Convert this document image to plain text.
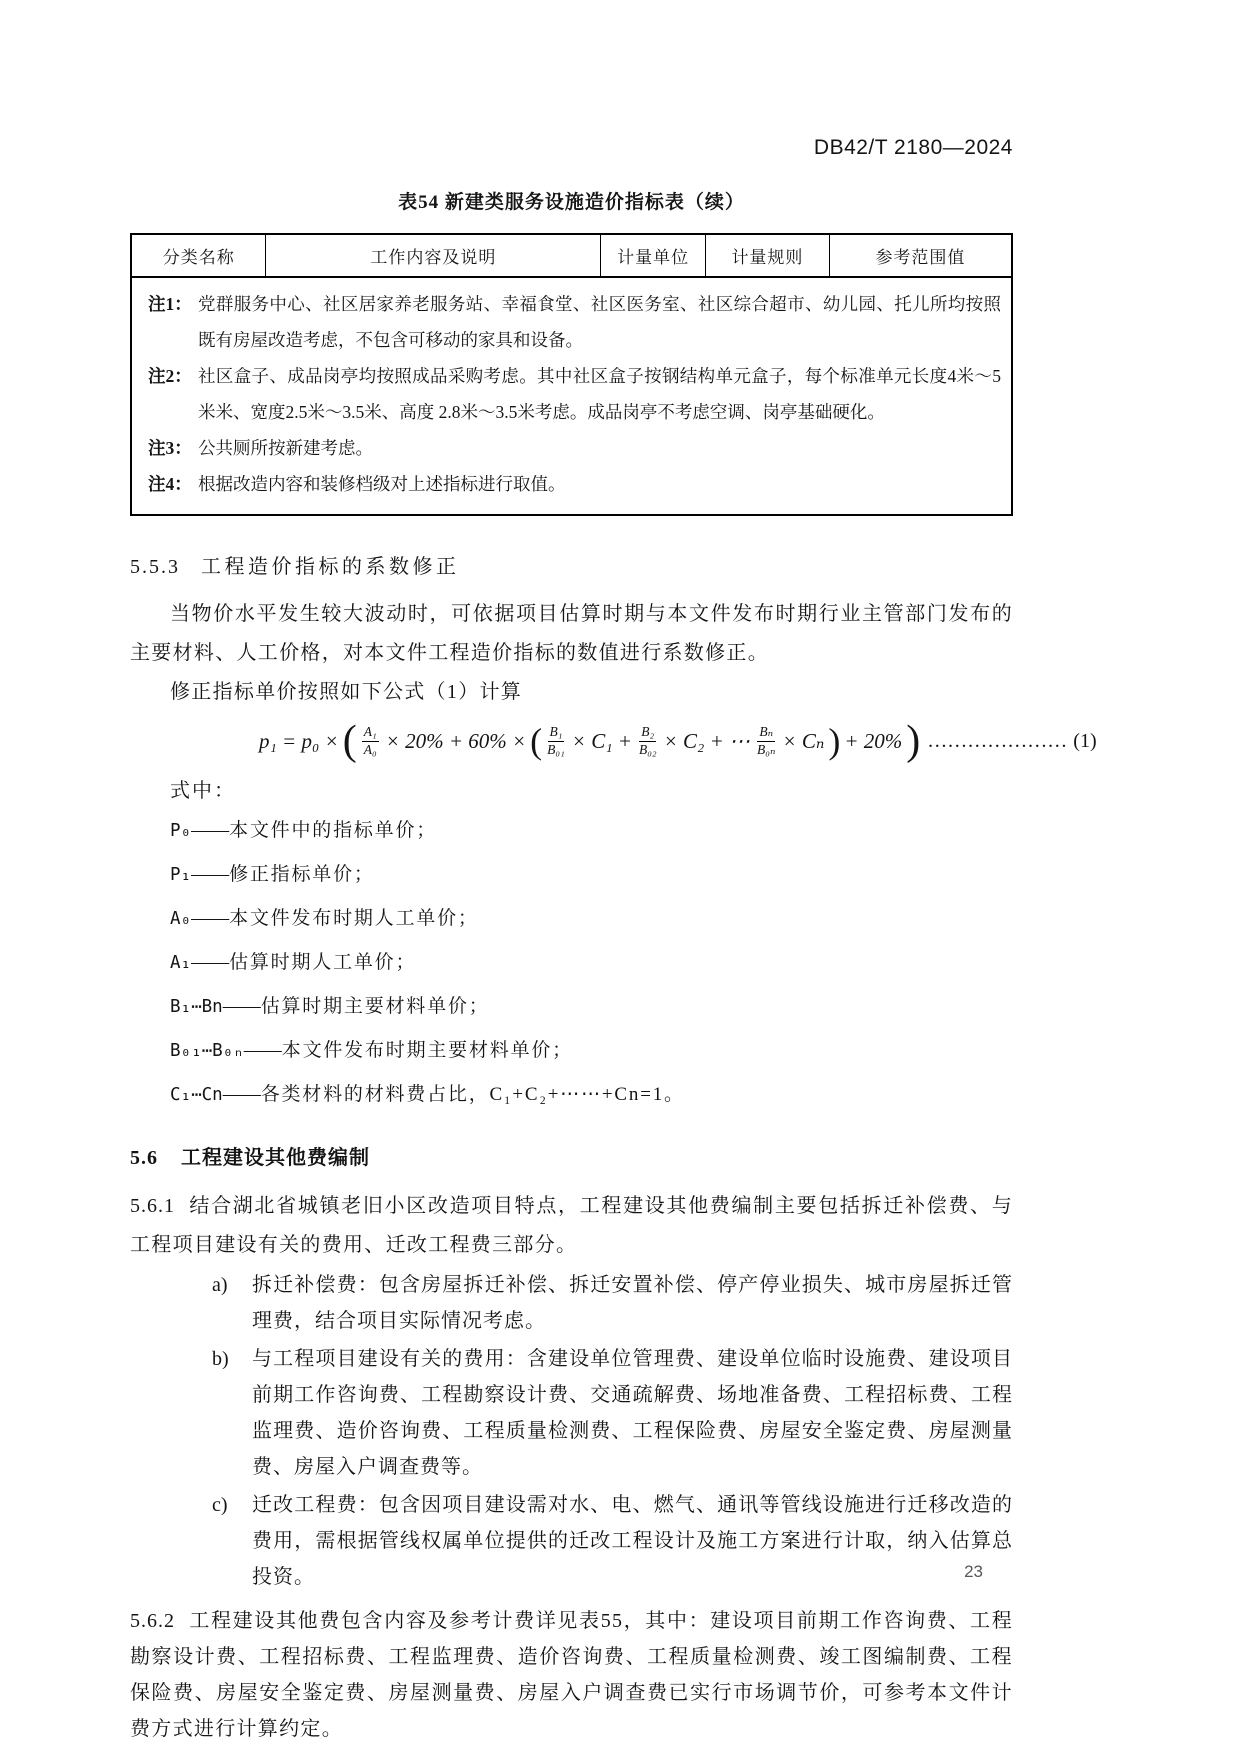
DB42/T 2180—2024
表54 新建类服务设施造价指标表（续）
分类名称	工作内容及说明	计量单位	计量规则	参考范围值
注1： 党群服务中心、社区居家养老服务站、幸福食堂、社区医务室、社区综合超市、幼儿园、托儿所均按照既有房屋改造考虑，不包含可移动的家具和设备。
注2： 社区盒子、成品岗亭均按照成品采购考虑。其中社区盒子按钢结构单元盒子，每个标准单元长度4米～5米米、宽度2.5米～3.5米、高度 2.8米～3.5米考虑。成品岗亭不考虑空调、岗亭基础硬化。
注3： 公共厕所按新建考虑。
注4： 根据改造内容和装修档级对上述指标进行取值。
5.5.3 工程造价指标的系数修正

当物价水平发生较大波动时，可依据项目估算时期与本文件发布时期行业主管部门发布的主要材料、人工价格，对本文件工程造价指标的数值进行系数修正。

修正指标单价按照如下公式（1）计算

p₁ = p₀ × ( $\frac{\text{A₁}}{\text{A₀}} \times 20\% + 60\%$ × ( $\frac{\text{B₁}}{\text{B₀₁}} \times C_1 + \frac{\text{B₂}}{\text{B₀₂}} \times C_2$ + ⋯ $\frac{\text{Bₙ}}{\text{B₀ₙ}} \times C_n$ ) + 20% ) ………………… (1)
式中：
P₀——本文件中的指标单价；
P₁——修正指标单价；
A₀——本文件发布时期人工单价；
A₁——估算时期人工单价；
B₁⋯Bn——估算时期主要材料单价；
B₀₁⋯B₀ₙ——本文件发布时期主要材料单价；
C₁⋯Cn——各类材料的材料费占比，C₁+C₂+⋯⋯+Cn=1。
5.6 工程建设其他费编制

5.6.1 结合湖北省城镇老旧小区改造项目特点，工程建设其他费编制主要包括拆迁补偿费、与工程项目建设有关的费用、迁改工程费三部分。

a)	拆迁补偿费：包含房屋拆迁补偿、拆迁安置补偿、停产停业损失、城市房屋拆迁管理费，结合项目实际情况考虑。
b)	与工程项目建设有关的费用：含建设单位管理费、建设单位临时设施费、建设项目前期工作咨询费、工程勘察设计费、交通疏解费、场地准备费、工程招标费、工程监理费、造价咨询费、工程质量检测费、工程保险费、房屋安全鉴定费、房屋测量费、房屋入户调查费等。
c)	迁改工程费：包含因项目建设需对水、电、燃气、通讯等管线设施进行迁移改造的费用，需根据管线权属单位提供的迁改工程设计及施工方案进行计取，纳入估算总投资。

5.6.2 工程建设其他费包含内容及参考计费详见表55，其中：建设项目前期工作咨询费、工程勘察设计费、工程招标费、工程监理费、造价咨询费、工程质量检测费、竣工图编制费、工程保险费、房屋安全鉴定费、房屋测量费、房屋入户调查费已实行市场调节价，可参考本文件计费方式进行计算约定。

23
